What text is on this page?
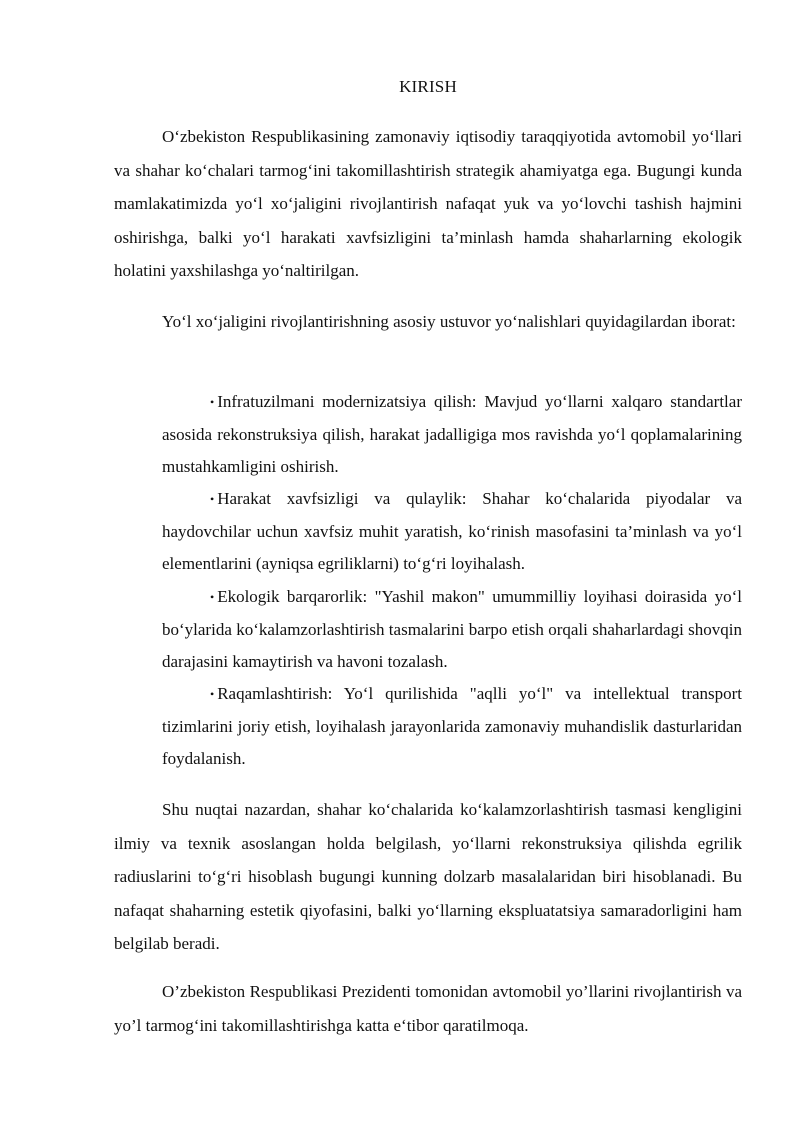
KIRISH

O‘zbekiston Respublikasining zamonaviy iqtisodiy taraqqiyotida avtomobil yo‘llari va shahar ko‘chalari tarmog‘ini takomillashtirish strategik ahamiyatga ega. Bugungi kunda mamlakatimizda yo‘l xo‘jaligini rivojlantirish nafaqat yuk va yo‘lovchi tashish hajmini oshirishga, balki yo‘l harakati xavfsizligini ta’minlash hamda shaharlarning ekologik holatini yaxshilashga yo‘naltirilgan.

Yo‘l xo‘jaligini rivojlantirishning asosiy ustuvor yo‘nalishlari quyidagilardan iborat:

• Infratuzilmani modernizatsiya qilish: Mavjud yo‘llarni xalqaro standartlar asosida rekonstruksiya qilish, harakat jadalligiga mos ravishda yo‘l qoplamalarining mustahkamligini oshirish.

• Harakat xavfsizligi va qulaylik: Shahar ko‘chalarida piyodalar va haydovchilar uchun xavfsiz muhit yaratish, ko‘rinish masofasini ta’minlash va yo‘l elementlarini (ayniqsa egriliklarni) to‘g‘ri loyihalash.

• Ekologik barqarorlik: "Yashil makon" umummilliy loyihasi doirasida yo‘l bo‘ylarida ko‘kalamzorlashtirish tasmalarini barpo etish orqali shaharlardagi shovqin darajasini kamaytirish va havoni tozalash.

• Raqamlashtirish: Yo‘l qurilishida "aqlli yo‘l" va intellektual transport tizimlarini joriy etish, loyihalash jarayonlarida zamonaviy muhandislik dasturlaridan foydalanish.

Shu nuqtai nazardan, shahar ko‘chalarida ko‘kalamzorlashtirish tasmasi kengligini ilmiy va texnik asoslangan holda belgilash, yo‘llarni rekonstruksiya qilishda egrilik radiuslarini to‘g‘ri hisoblash bugungi kunning dolzarb masalalaridan biri hisoblanadi. Bu nafaqat shaharning estetik qiyofasini, balki yo‘llarning ekspluatatsiya samaradorligini ham belgilab beradi.

O’zbekiston Respublikasi Prezidenti tomonidan avtomobil yo’llarini rivojlantirish va yo’l tarmog‘ini takomillashtirishga katta e‘tibor qaratilmoqa.
